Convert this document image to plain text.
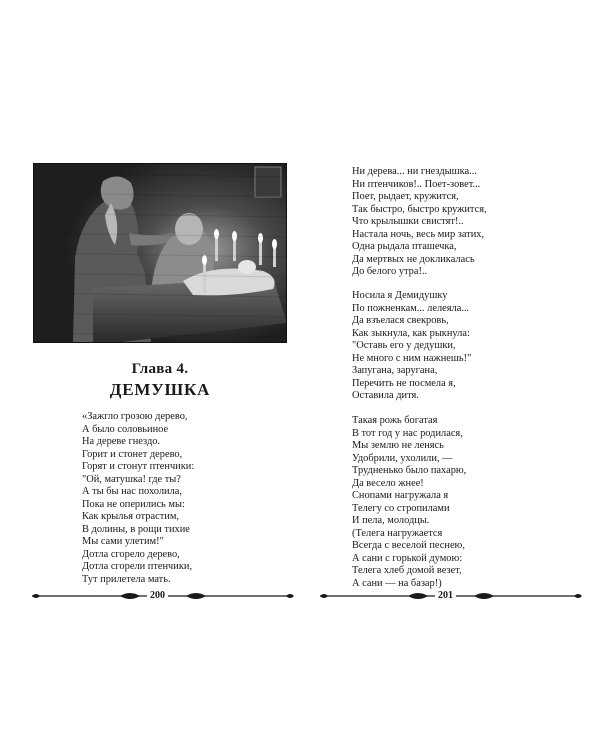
Глава 4.
ДЕМУШКА
«Зажгло грозою дерево,
А было соловьиное
На дереве гнездо.
Горит и стонет дерево,
Горят и стонут птенчики:
"Ой, матушка! где ты?
А ты бы нас похолила,
Пока не оперились мы:
Как крылья отрастим,
В долины, в рощи тихие
Мы сами улетим!"
Дотла сгорело дерево,
Дотла сгорели птенчики,
Тут прилетела мать.
200
Ни дерева... ни гнездышка...
Ни птенчиков!.. Поет-зовет...
Поет, рыдает, кружится,
Так быстро, быстро кружится,
Что крылышки свистят!..
Настала ночь, весь мир затих,
Одна рыдала пташечка,
Да мертвых не докликалась
До белого утра!..
Носила я Демидушку
По пожненкам... лелеяла...
Да взъелася свекровь,
Как зыкнула, как рыкнула:
"Оставь его у дедушки,
Не много с ним нажнешь!"
Запугана, заругана,
Перечить не посмела я,
Оставила дитя.
Такая рожь богатая
В тот год у нас родилася,
Мы землю не ленясь
Удобрили, ухолили, —
Трудненько было пахарю,
Да весело жнее!
Снопами нагружала я
Телегу со стропилами
И пела, молодцы.
(Телега нагружается
Всегда с веселой песнею,
А сани с горькой думою:
Телега хлеб домой везет,
А сани — на базар!)
201
